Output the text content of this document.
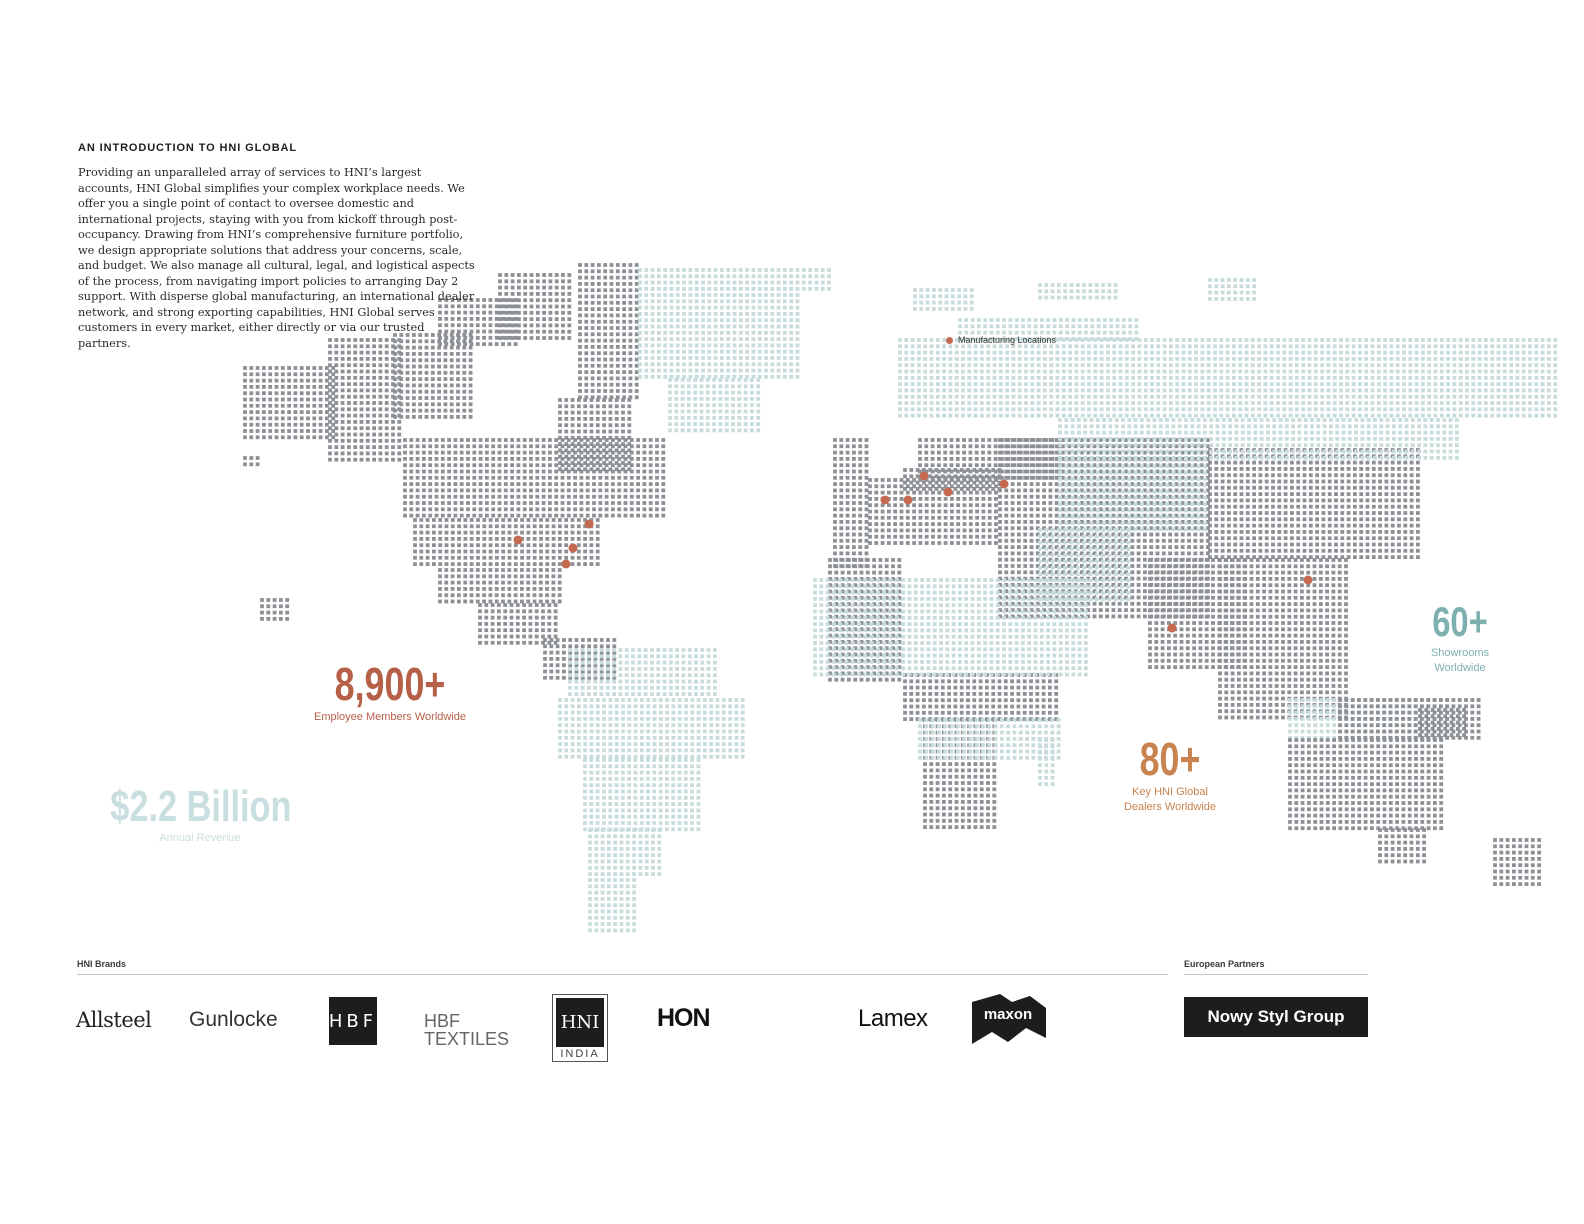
AN INTRODUCTION TO HNI GLOBAL

Providing an unparalleled array of services to HNI’s largest accounts, HNI Global simplifies your complex workplace needs. We offer you a single point of contact to oversee domestic and international projects, staying with you from kickoff through post-occupancy. Drawing from HNI’s comprehensive furniture portfolio, we design appropriate solutions that address your concerns, scale, and budget. We also manage all cultural, legal, and logistical aspects of the process, from navigating import policies to arranging Day 2 support. With disperse global manufacturing, an international dealer network, and strong exporting capabilities, HNI Global serves customers in every market, either directly or via our trusted partners.	Manufacturing Locations
8,900+
Employee Members Worldwide
$2.2 Billion
Annual Revenue
80+
Key HNI Global
Dealers Worldwide
60+
Showrooms
Worldwide
HNI Brands	European Partners
Allsteel Gunlocke	HBF	HBF
TEXTILES
HNI
INDIA
HON	Lamex	maxon	Nowy Styl Group
